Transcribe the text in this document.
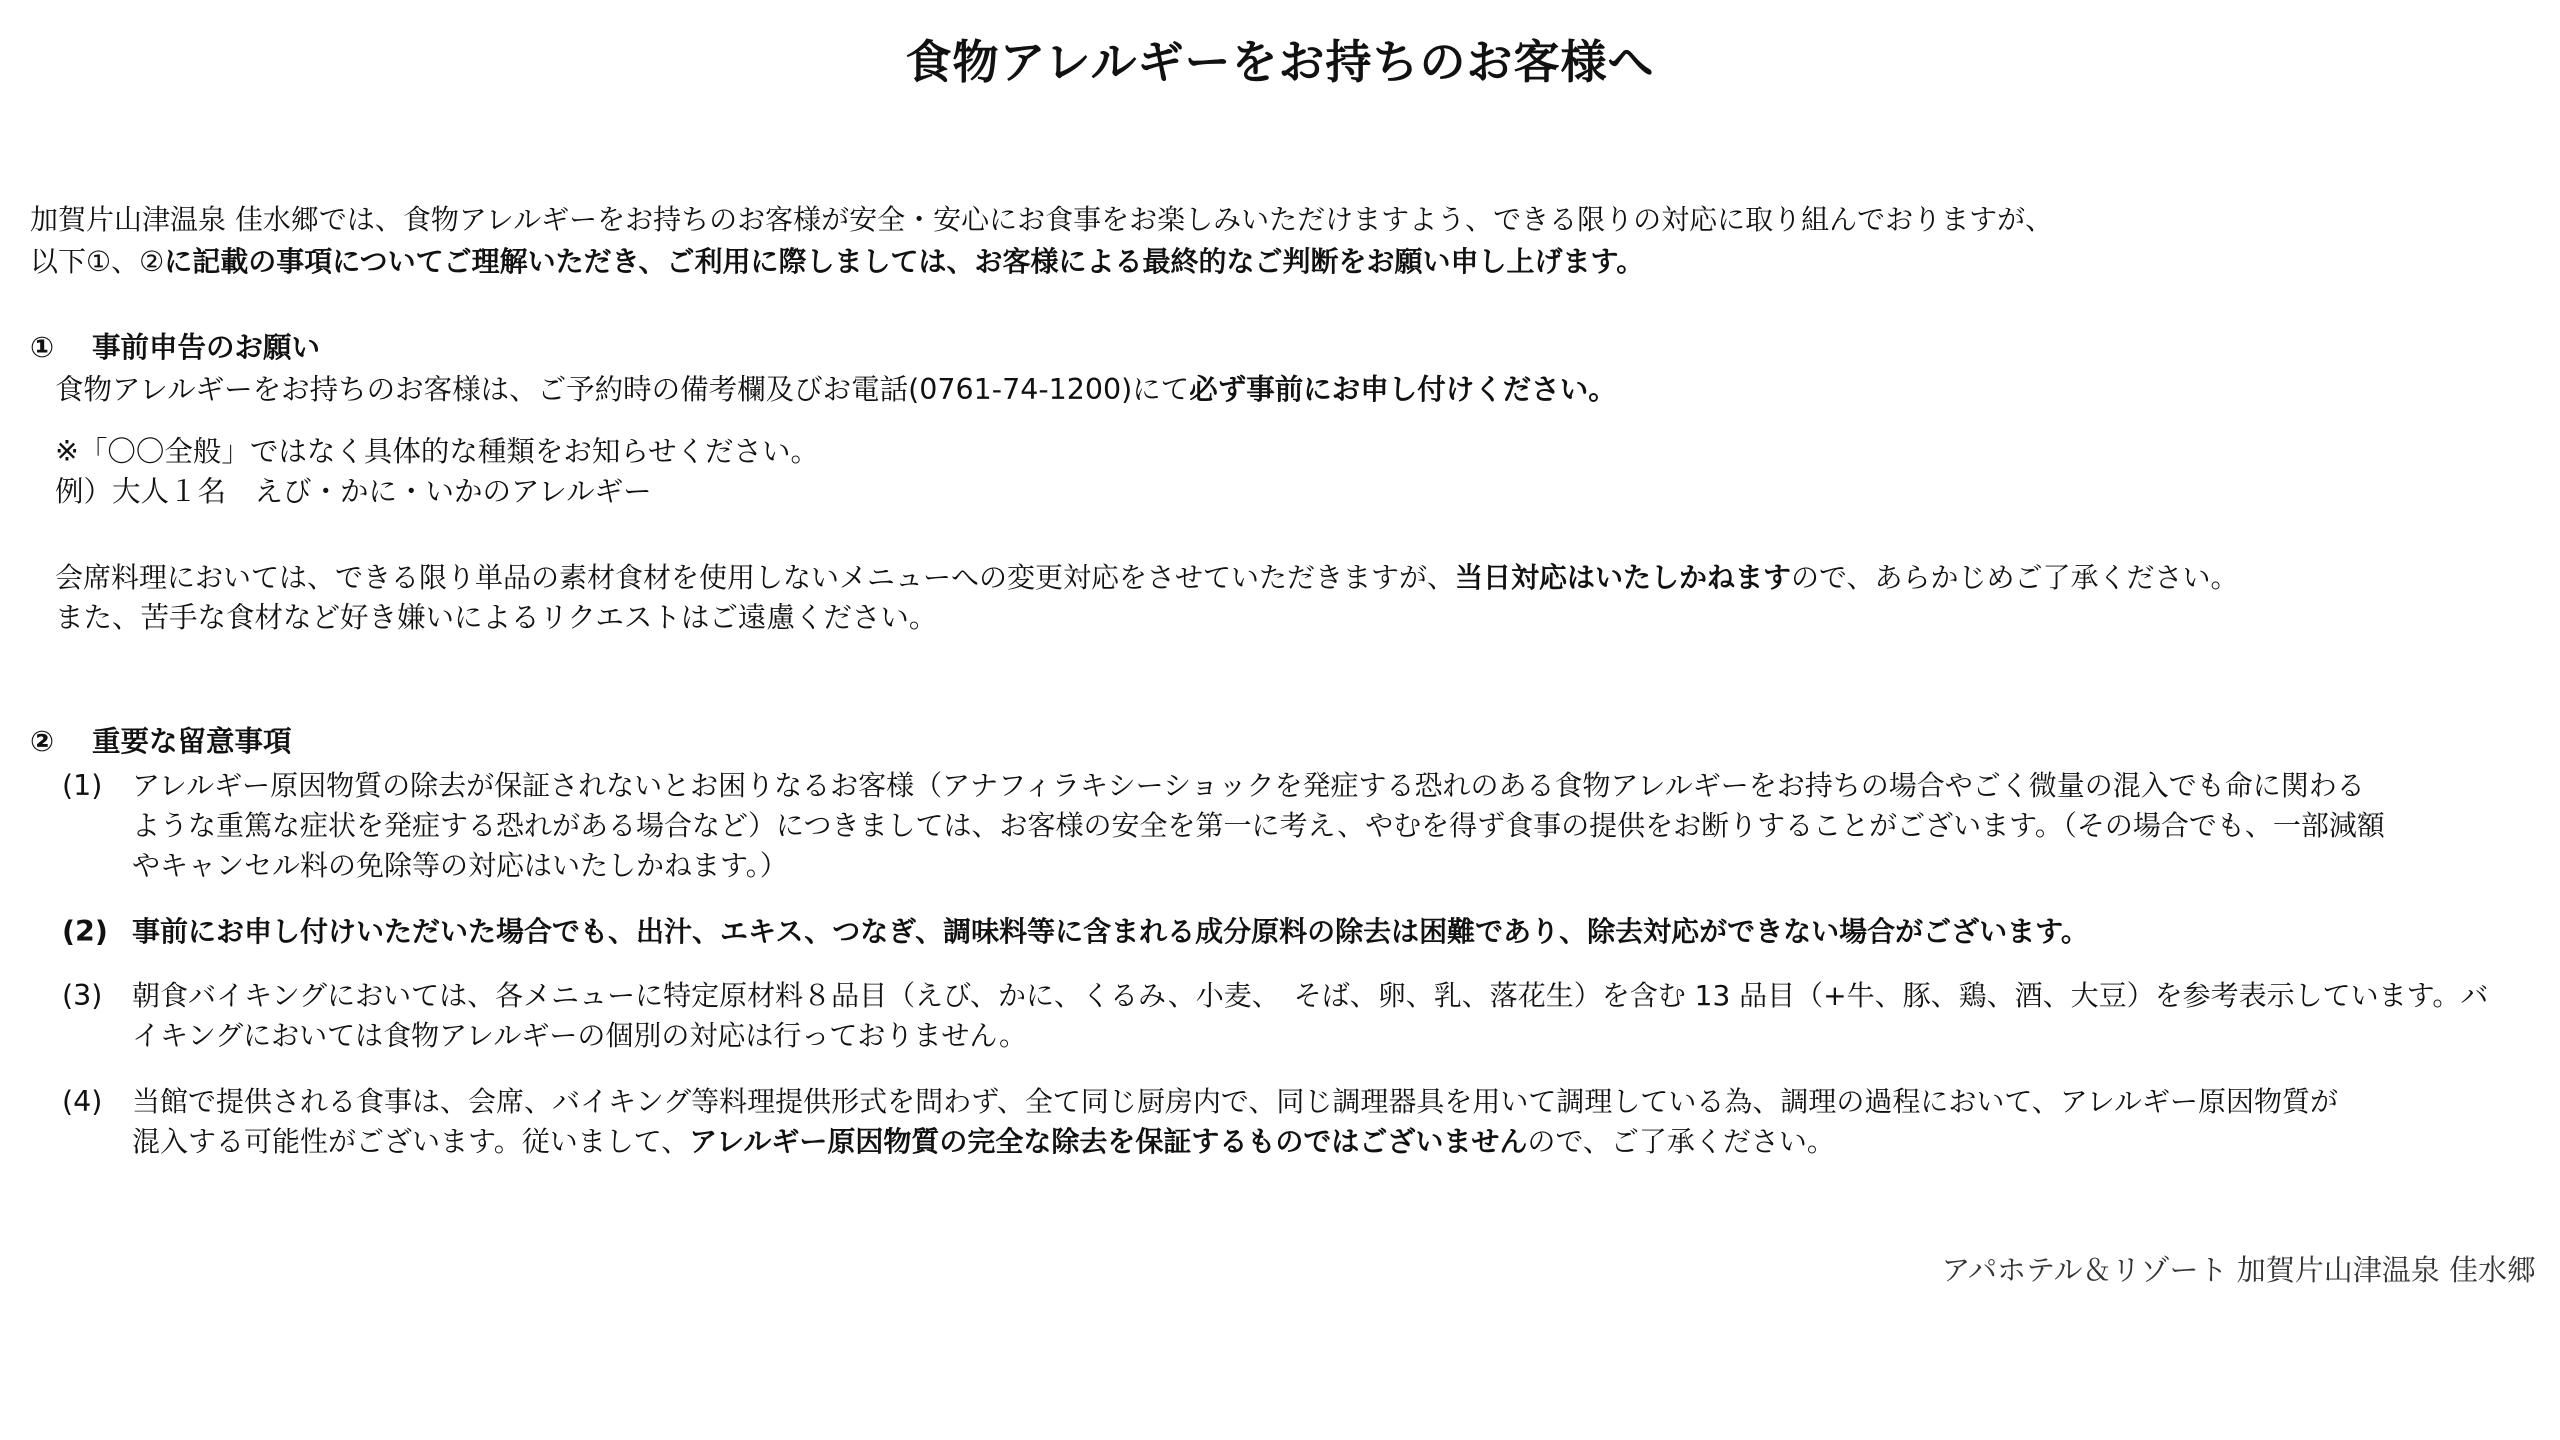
食物アレルギーをお持ちのお客様へ
加賀片山津温泉 佳水郷では、食物アレルギーをお持ちのお客様が安全・安心にお食事をお楽しみいただけますよう、できる限りの対応に取り組んでおりますが、
以下①、②に記載の事項についてご理解いただき、ご利用に際しましては、お客様による最終的なご判断をお願い申し上げます。
① 事前申告のお願い
食物アレルギーをお持ちのお客様は、ご予約時の備考欄及びお電話(0761-74-1200)にて必ず事前にお申し付けください。
※「〇〇全般」ではなく具体的な種類をお知らせください。
例）大人１名　えび・かに・いかのアレルギー
会席料理においては、できる限り単品の素材食材を使用しないメニューへの変更対応をさせていただきますが、当日対応はいたしかねますので、あらかじめご了承ください。
また、苦手な食材など好き嫌いによるリクエストはご遠慮ください。
② 重要な留意事項
(1) アレルギー原因物質の除去が保証されないとお困りなるお客様（アナフィラキシーショックを発症する恐れのある食物アレルギーをお持ちの場合やごく微量の混入でも命に関わる
ような重篤な症状を発症する恐れがある場合など）につきましては、お客様の安全を第一に考え、やむを得ず食事の提供をお断りすることがございます。（その場合でも、一部減額
やキャンセル料の免除等の対応はいたしかねます。）
(2) 事前にお申し付けいただいた場合でも、出汁、エキス、つなぎ、調味料等に含まれる成分原料の除去は困難であり、除去対応ができない場合がございます。
(3) 朝食バイキングにおいては、各メニューに特定原材料８品目（えび、かに、くるみ、小麦、　そば、卵、乳、落花生）を含む 13 品目（+牛、豚、鶏、酒、大豆）を参考表示しています。バ
イキングにおいては食物アレルギーの個別の対応は行っておりません。
(4) 当館で提供される食事は、会席、バイキング等料理提供形式を問わず、全て同じ厨房内で、同じ調理器具を用いて調理している為、調理の過程において、アレルギー原因物質が
混入する可能性がございます。従いまして、アレルギー原因物質の完全な除去を保証するものではございませんので、ご了承ください。
アパホテル＆リゾート 加賀片山津温泉 佳水郷
